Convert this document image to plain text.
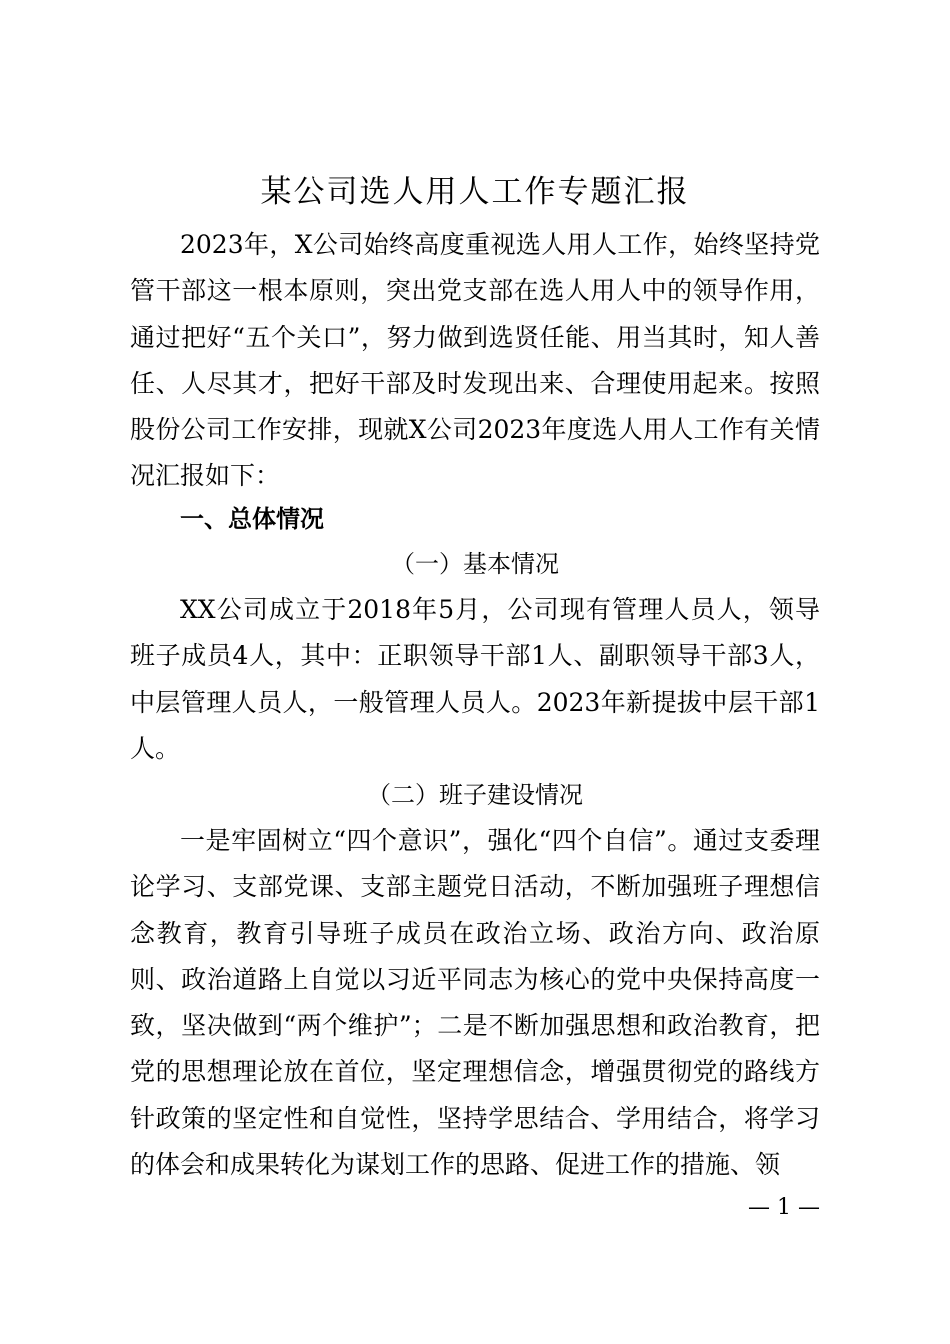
某公司选人用人工作专题汇报

2023年，X公司始终高度重视选人用人工作，始终坚持党管干部这一根本原则，突出党支部在选人用人中的领导作用，通过把好“五个关口”，努力做到选贤任能、用当其时，知人善任、人尽其才，把好干部及时发现出来、合理使用起来。按照股份公司工作安排，现就X公司2023年度选人用人工作有关情况汇报如下：

一、总体情况
（一）基本情况

XX公司成立于2018年5月，公司现有管理人员人，领导班子成员4人，其中：正职领导干部1人、副职领导干部3人，中层管理人员人，一般管理人员人。2023年新提拔中层干部1人。

（二）班子建设情况

一是牢固树立“四个意识”，强化“四个自信”。通过支委理论学习、支部党课、支部主题党日活动，不断加强班子理想信念教育，教育引导班子成员在政治立场、政治方向、政治原则、政治道路上自觉以习近平同志为核心的党中央保持高度一致，坚决做到“两个维护”；二是不断加强思想和政治教育，把党的思想理论放在首位，坚定理想信念，增强贯彻党的路线方针政策的坚定性和自觉性，坚持学思结合、学用结合，将学习的体会和成果转化为谋划工作的思路、促进工作的措施、领

— 1 —
